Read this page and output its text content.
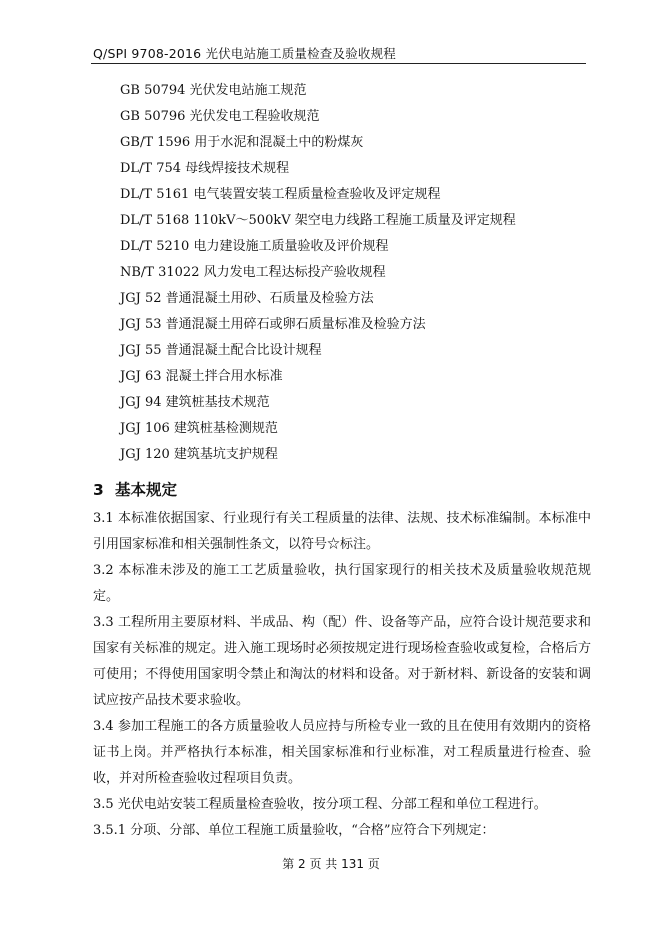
Q/SPI 9708-2016 光伏电站施工质量检查及验收规程
GB 50794 光伏发电站施工规范
GB 50796 光伏发电工程验收规范
GB/T 1596 用于水泥和混凝土中的粉煤灰
DL/T 754 母线焊接技术规程
DL/T 5161 电气装置安装工程质量检查验收及评定规程
DL/T 5168 110kV～500kV 架空电力线路工程施工质量及评定规程
DL/T 5210 电力建设施工质量验收及评价规程
NB/T 31022 风力发电工程达标投产验收规程
JGJ 52 普通混凝土用砂、石质量及检验方法
JGJ 53 普通混凝土用碎石或卵石质量标准及检验方法
JGJ 55 普通混凝土配合比设计规程
JGJ 63 混凝土拌合用水标准
JGJ 94 建筑桩基技术规范
JGJ 106 建筑桩基检测规范
JGJ 120 建筑基坑支护规程
3 基本规定

3.1 本标准依据国家、行业现行有关工程质量的法律、法规、技术标准编制。本标准中引用国家标准和相关强制性条文，以符号☆标注。

3.2 本标准未涉及的施工工艺质量验收，执行国家现行的相关技术及质量验收规范规定。

3.3 工程所用主要原材料、半成品、构（配）件、设备等产品，应符合设计规范要求和国家有关标准的规定。进入施工现场时必须按规定进行现场检查验收或复检，合格后方可使用；不得使用国家明令禁止和淘汰的材料和设备。对于新材料、新设备的安装和调试应按产品技术要求验收。

3.4 参加工程施工的各方质量验收人员应持与所检专业一致的且在使用有效期内的资格证书上岗。并严格执行本标准，相关国家标准和行业标准，对工程质量进行检查、验收，并对所检查验收过程项目负责。

3.5 光伏电站安装工程质量检查验收，按分项工程、分部工程和单位工程进行。

3.5.1 分项、分部、单位工程施工质量验收，“合格”应符合下列规定：

第 2 页 共 131 页
